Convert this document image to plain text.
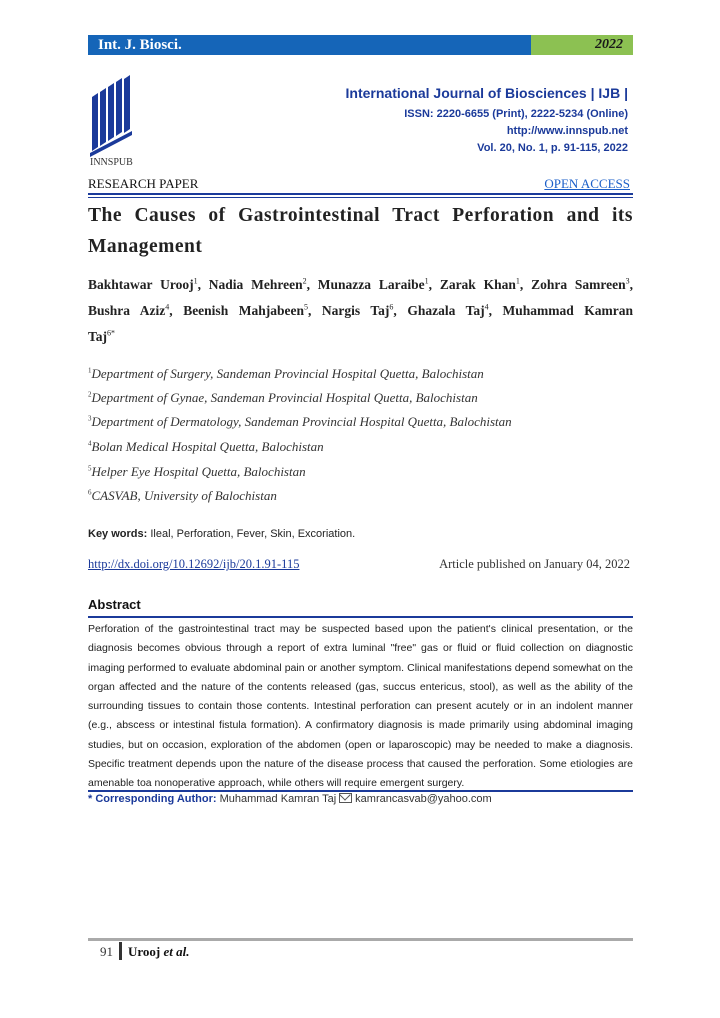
Int. J. Biosci.	2022
INNSPUB
International Journal of Biosciences | IJB |
ISSN: 2220-6655 (Print), 2222-5234 (Online)
http://www.innspub.net
Vol. 20, No. 1, p. 91-115, 2022
RESEARCH PAPER	OPEN ACCESS
The Causes of Gastrointestinal Tract Perforation and its Management
Bakhtawar Urooj$^1$, Nadia Mehreen$^2$, Munazza Laraibe$^1$, Zarak Khan$^1$, Zohra Samreen$^3$, Bushra Aziz$^4$, Beenish Mahjabeen$^5$, Nargis Taj$^6$, Ghazala Taj$^4$, Muhammad Kamran Taj$^{6*}$
$^1$Department of Surgery, Sandeman Provincial Hospital Quetta, Balochistan
$^2$Department of Gynae, Sandeman Provincial Hospital Quetta, Balochistan
$^3$Department of Dermatology, Sandeman Provincial Hospital Quetta, Balochistan
$^4$Bolan Medical Hospital Quetta, Balochistan
$^5$Helper Eye Hospital Quetta, Balochistan
$^6$CASVAB, University of Balochistan
Key words: Ileal, Perforation, Fever, Skin, Excoriation.
http://dx.doi.org/10.12692/ijb/20.1.91-115	Article published on January 04, 2022
Abstract
Perforation of the gastrointestinal tract may be suspected based upon the patient's clinical presentation, or the diagnosis becomes obvious through a report of extra luminal "free" gas or fluid or fluid collection on diagnostic imaging performed to evaluate abdominal pain or another symptom. Clinical manifestations depend somewhat on the organ affected and the nature of the contents released (gas, succus entericus, stool), as well as the ability of the surrounding tissues to contain those contents. Intestinal perforation can present acutely or in an indolent manner (e.g., abscess or intestinal fistula formation). A confirmatory diagnosis is made primarily using abdominal imaging studies, but on occasion, exploration of the abdomen (open or laparoscopic) may be needed to make a diagnosis. Specific treatment depends upon the nature of the disease process that caused the perforation. Some etiologies are amenable toa nonoperative approach, while others will require emergent surgery.
* Corresponding Author: Muhammad Kamran Taj kamrancasvab@yahoo.com
91 Urooj et al.
